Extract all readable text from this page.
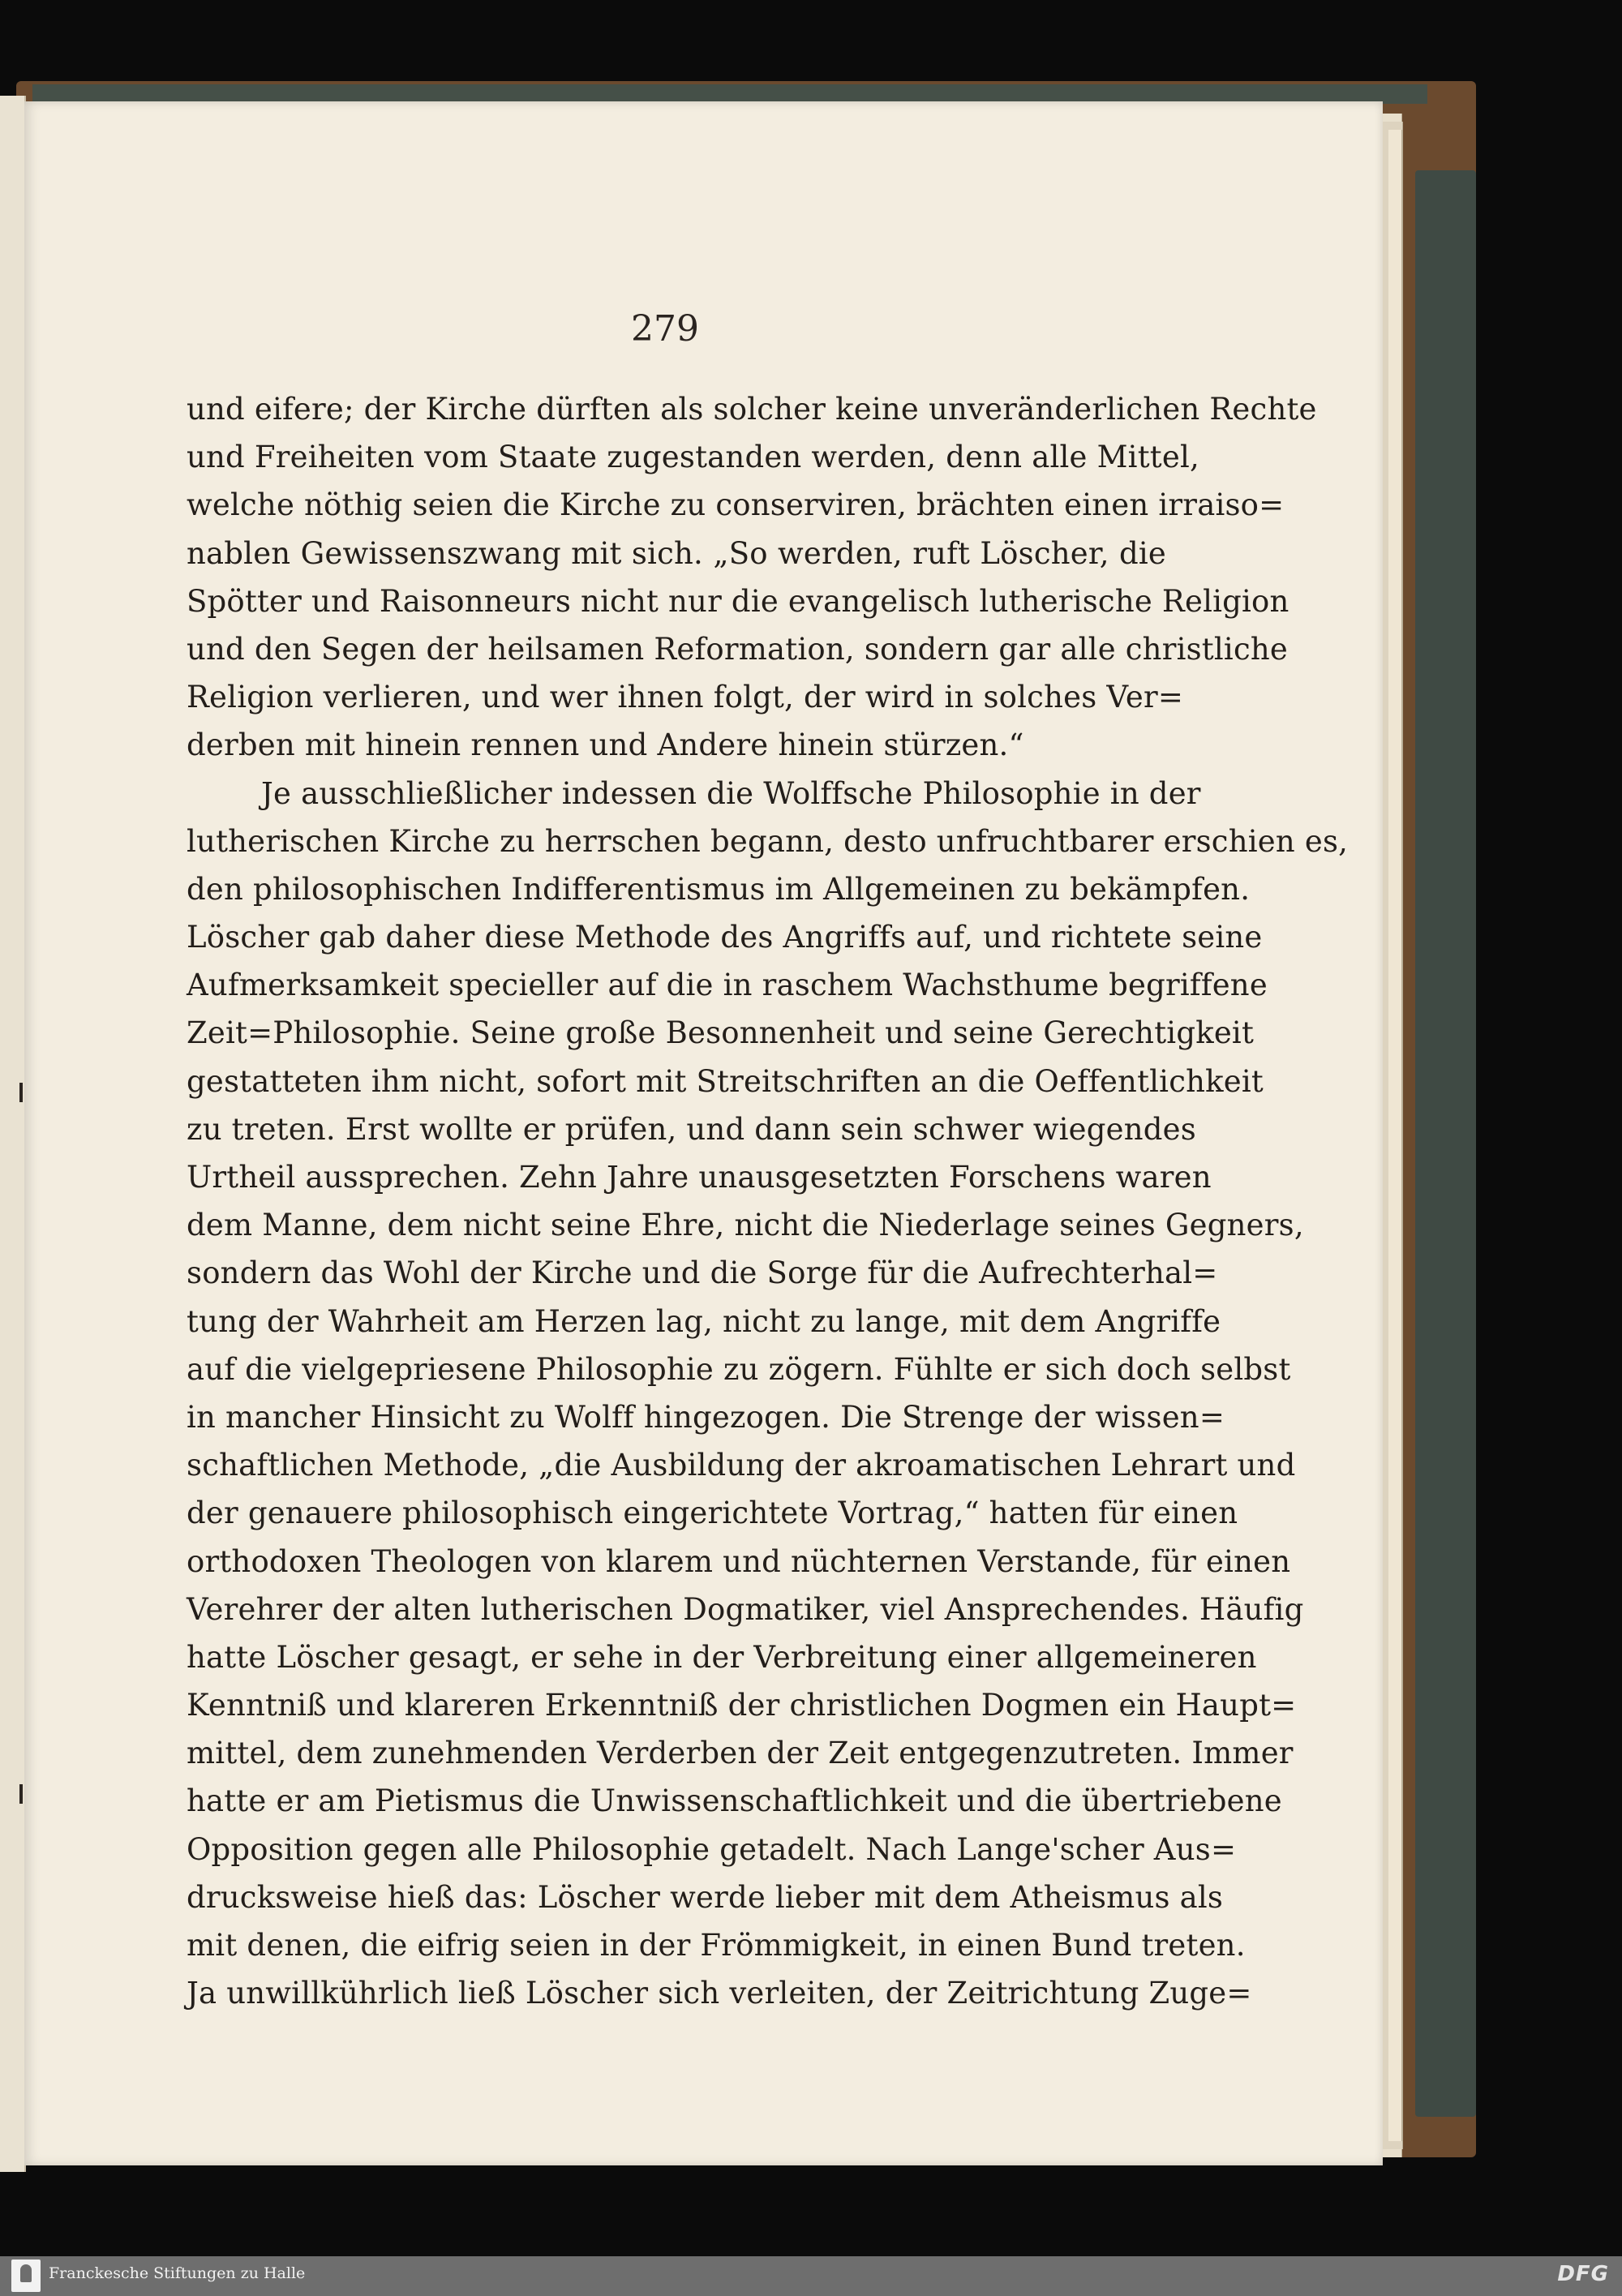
279
und eifere; der Kirche dürften als solcher keine unveränderlichen Rechte
und Freiheiten vom Staate zugestanden werden, denn alle Mittel,
welche nöthig seien die Kirche zu conserviren, brächten einen irraiso=
nablen Gewissenszwang mit sich. „So werden, ruft Löscher, die
Spötter und Raisonneurs nicht nur die evangelisch lutherische Religion
und den Segen der heilsamen Reformation, sondern gar alle christliche
Religion verlieren, und wer ihnen folgt, der wird in solches Ver=
derben mit hinein rennen und Andere hinein stürzen.“
Je ausschließlicher indessen die Wolffsche Philosophie in der
lutherischen Kirche zu herrschen begann, desto unfruchtbarer erschien es,
den philosophischen Indifferentismus im Allgemeinen zu bekämpfen.
Löscher gab daher diese Methode des Angriffs auf, und richtete seine
Aufmerksamkeit specieller auf die in raschem Wachsthume begriffene
Zeit=Philosophie. Seine große Besonnenheit und seine Gerechtigkeit
gestatteten ihm nicht, sofort mit Streitschriften an die Oeffentlichkeit
zu treten. Erst wollte er prüfen, und dann sein schwer wiegendes
Urtheil aussprechen. Zehn Jahre unausgesetzten Forschens waren
dem Manne, dem nicht seine Ehre, nicht die Niederlage seines Gegners,
sondern das Wohl der Kirche und die Sorge für die Aufrechterhal=
tung der Wahrheit am Herzen lag, nicht zu lange, mit dem Angriffe
auf die vielgepriesene Philosophie zu zögern. Fühlte er sich doch selbst
in mancher Hinsicht zu Wolff hingezogen. Die Strenge der wissen=
schaftlichen Methode, „die Ausbildung der akroamatischen Lehrart und
der genauere philosophisch eingerichtete Vortrag,“ hatten für einen
orthodoxen Theologen von klarem und nüchternen Verstande, für einen
Verehrer der alten lutherischen Dogmatiker, viel Ansprechendes. Häufig
hatte Löscher gesagt, er sehe in der Verbreitung einer allgemeineren
Kenntniß und klareren Erkenntniß der christlichen Dogmen ein Haupt=
mittel, dem zunehmenden Verderben der Zeit entgegenzutreten. Immer
hatte er am Pietismus die Unwissenschaftlichkeit und die übertriebene
Opposition gegen alle Philosophie getadelt. Nach Lange'scher Aus=
drucksweise hieß das: Löscher werde lieber mit dem Atheismus als
mit denen, die eifrig seien in der Frömmigkeit, in einen Bund treten.
Ja unwillkührlich ließ Löscher sich verleiten, der Zeitrichtung Zuge=
Franckesche Stiftungen zu Halle	DFG
